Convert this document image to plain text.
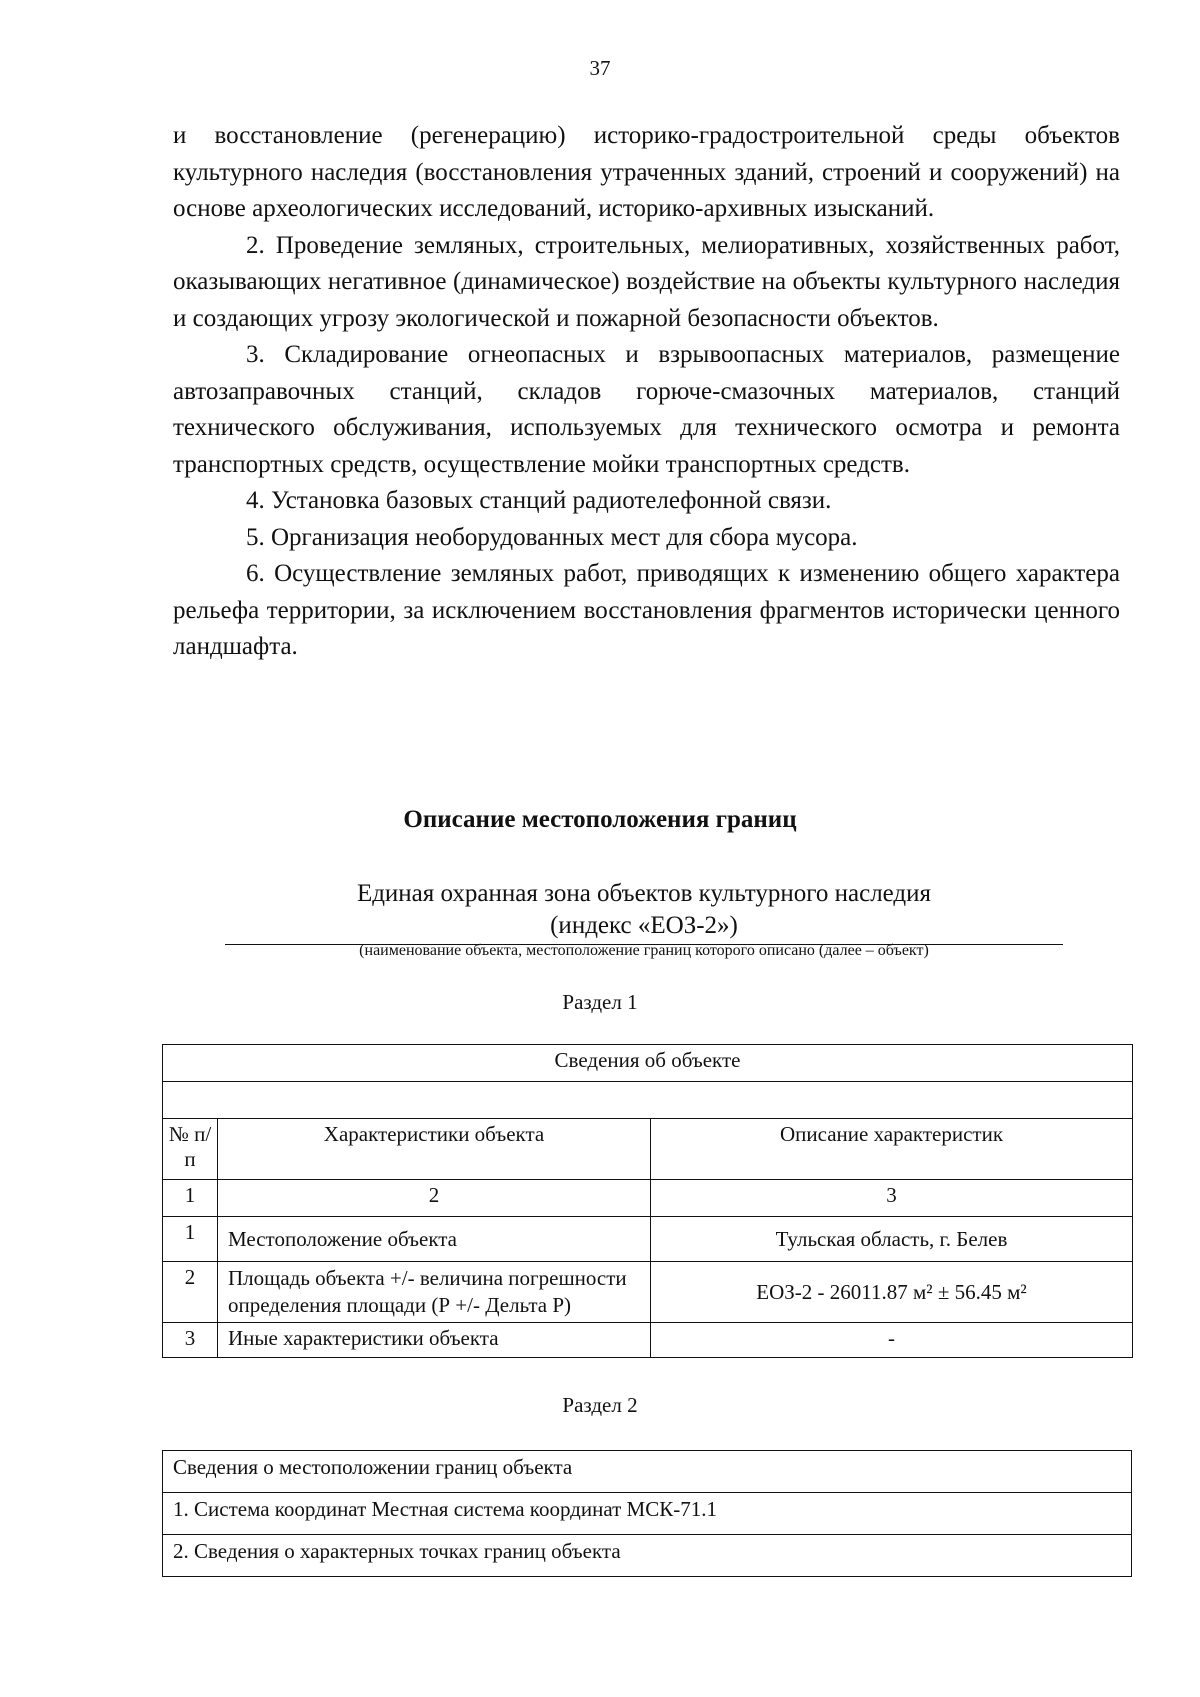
37

и восстановление (регенерацию) историко-градостроительной среды объектов культурного наследия (восстановления утраченных зданий, строений и сооружений) на основе археологических исследований, историко-архивных изысканий.

2. Проведение земляных, строительных, мелиоративных, хозяйственных работ, оказывающих негативное (динамическое) воздействие на объекты культурного наследия и создающих угрозу экологической и пожарной безопасности объектов.

3. Складирование огнеопасных и взрывоопасных материалов, размещение автозаправочных станций, складов горюче-смазочных материалов, станций технического обслуживания, используемых для технического осмотра и ремонта транспортных средств, осуществление мойки транспортных средств.

4. Установка базовых станций радиотелефонной связи.

5. Организация необорудованных мест для сбора мусора.

6. Осуществление земляных работ, приводящих к изменению общего характера рельефа территории, за исключением восстановления фрагментов исторически ценного ландшафта.

Описание местоположения границ
Единая охранная зона объектов культурного наследия
(индекс «ЕОЗ-2»)
(наименование объекта, местоположение границ которого описано (далее – объект)
Раздел 1
Сведения об объекте		

№ п/п	Характеристики объекта	Описание характеристик
1	2	3
1	Местоположение объекта	Тульская область, г. Белев
2	Площадь объекта +/- величина погрешности определения площади (Р +/- Дельта Р)	ЕОЗ-2 - 26011.87 м² ± 56.45 м²
3	Иные характеристики объекта	-
Раздел 2
Сведения о местоположении границ объекта
1. Система координат Местная система координат МСК-71.1
2. Сведения о характерных точках границ объекта
